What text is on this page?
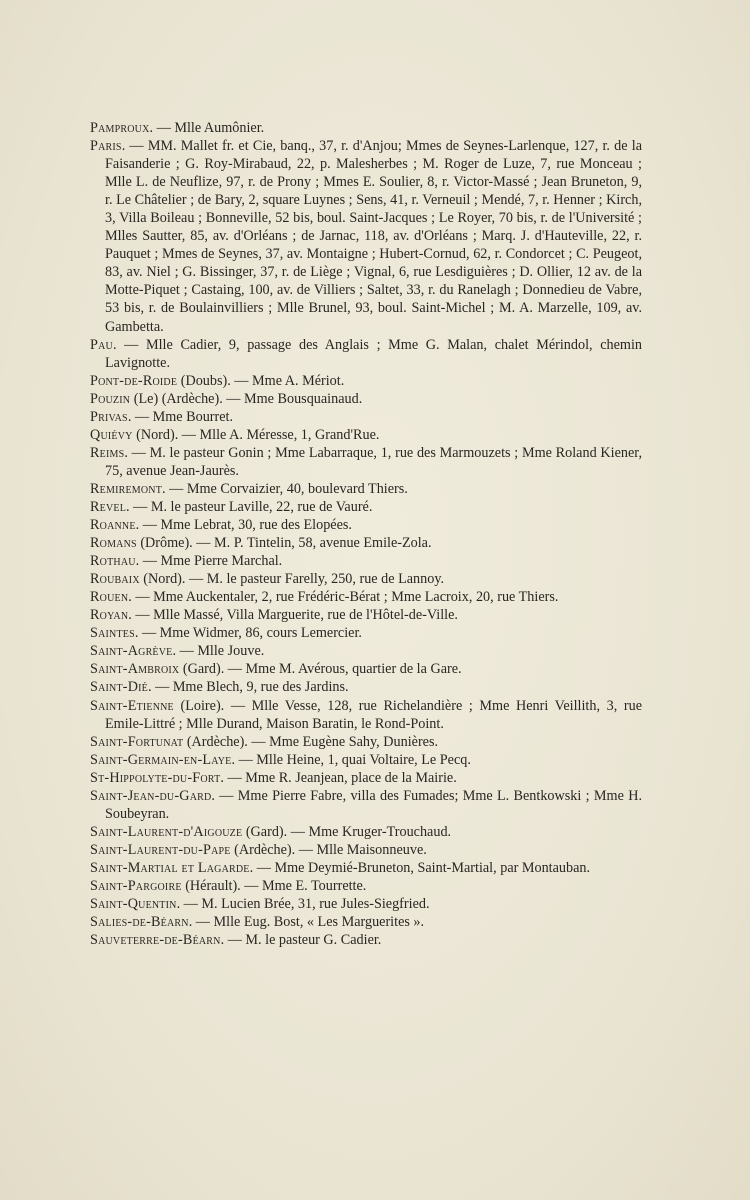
Pamproux. — Mlle Aumônier.

Paris. — MM. Mallet fr. et Cie, banq., 37, r. d'Anjou; Mmes de Seynes-Larlenque, 127, r. de la Faisanderie ; G. Roy-Mirabaud, 22, p. Malesherbes ; M. Roger de Luze, 7, rue Monceau ; Mlle L. de Neuflize, 97, r. de Prony ; Mmes E. Soulier, 8, r. Victor-Massé ; Jean Bruneton, 9, r. Le Châtelier ; de Bary, 2, square Luynes ; Sens, 41, r. Verneuil ; Mendé, 7, r. Henner ; Kirch, 3, Villa Boileau ; Bonneville, 52 bis, boul. Saint-Jacques ; Le Royer, 70 bis, r. de l'Université ; Mlles Sautter, 85, av. d'Orléans ; de Jarnac, 118, av. d'Orléans ; Marq. J. d'Hauteville, 22, r. Pauquet ; Mmes de Seynes, 37, av. Montaigne ; Hubert-Cornud, 62, r. Condorcet ; C. Peugeot, 83, av. Niel ; G. Bissinger, 37, r. de Liège ; Vignal, 6, rue Lesdiguières ; D. Ollier, 12 av. de la Motte-Piquet ; Castaing, 100, av. de Villiers ; Saltet, 33, r. du Ranelagh ; Donnedieu de Vabre, 53 bis, r. de Boulainvilliers ; Mlle Brunel, 93, boul. Saint-Michel ; M. A. Marzelle, 109, av. Gambetta.

Pau. — Mlle Cadier, 9, passage des Anglais ; Mme G. Malan, chalet Mérindol, chemin Lavignotte.

Pont-de-Roide (Doubs). — Mme A. Mériot.

Pouzin (Le) (Ardèche). — Mme Bousquainaud.

Privas. — Mme Bourret.

Quiévy (Nord). — Mlle A. Méresse, 1, Grand'Rue.

Reims. — M. le pasteur Gonin ; Mme Labarraque, 1, rue des Marmouzets ; Mme Roland Kiener, 75, avenue Jean-Jaurès.

Remiremont. — Mme Corvaizier, 40, boulevard Thiers.

Revel. — M. le pasteur Laville, 22, rue de Vauré.

Roanne. — Mme Lebrat, 30, rue des Elopées.

Romans (Drôme). — M. P. Tintelin, 58, avenue Emile-Zola.

Rothau. — Mme Pierre Marchal.

Roubaix (Nord). — M. le pasteur Farelly, 250, rue de Lannoy.

Rouen. — Mme Auckentaler, 2, rue Frédéric-Bérat ; Mme Lacroix, 20, rue Thiers.

Royan. — Mlle Massé, Villa Marguerite, rue de l'Hôtel-de-Ville.

Saintes. — Mme Widmer, 86, cours Lemercier.

Saint-Agrève. — Mlle Jouve.

Saint-Ambroix (Gard). — Mme M. Avérous, quartier de la Gare.

Saint-Dié. — Mme Blech, 9, rue des Jardins.

Saint-Etienne (Loire). — Mlle Vesse, 128, rue Richelandière ; Mme Henri Veillith, 3, rue Emile-Littré ; Mlle Durand, Maison Baratin, le Rond-Point.

Saint-Fortunat (Ardèche). — Mme Eugène Sahy, Dunières.

Saint-Germain-en-Laye. — Mlle Heine, 1, quai Voltaire, Le Pecq.

St-Hippolyte-du-Fort. — Mme R. Jeanjean, place de la Mairie.

Saint-Jean-du-Gard. — Mme Pierre Fabre, villa des Fumades; Mme L. Bentkowski ; Mme H. Soubeyran.

Saint-Laurent-d'Aigouze (Gard). — Mme Kruger-Trouchaud.

Saint-Laurent-du-Pape (Ardèche). — Mlle Maisonneuve.

Saint-Martial et Lagarde. — Mme Deymié-Bruneton, Saint-Martial, par Montauban.

Saint-Pargoire (Hérault). — Mme E. Tourrette.

Saint-Quentin. — M. Lucien Brée, 31, rue Jules-Siegfried.

Salies-de-Béarn. — Mlle Eug. Bost, « Les Marguerites ».

Sauveterre-de-Béarn. — M. le pasteur G. Cadier.
